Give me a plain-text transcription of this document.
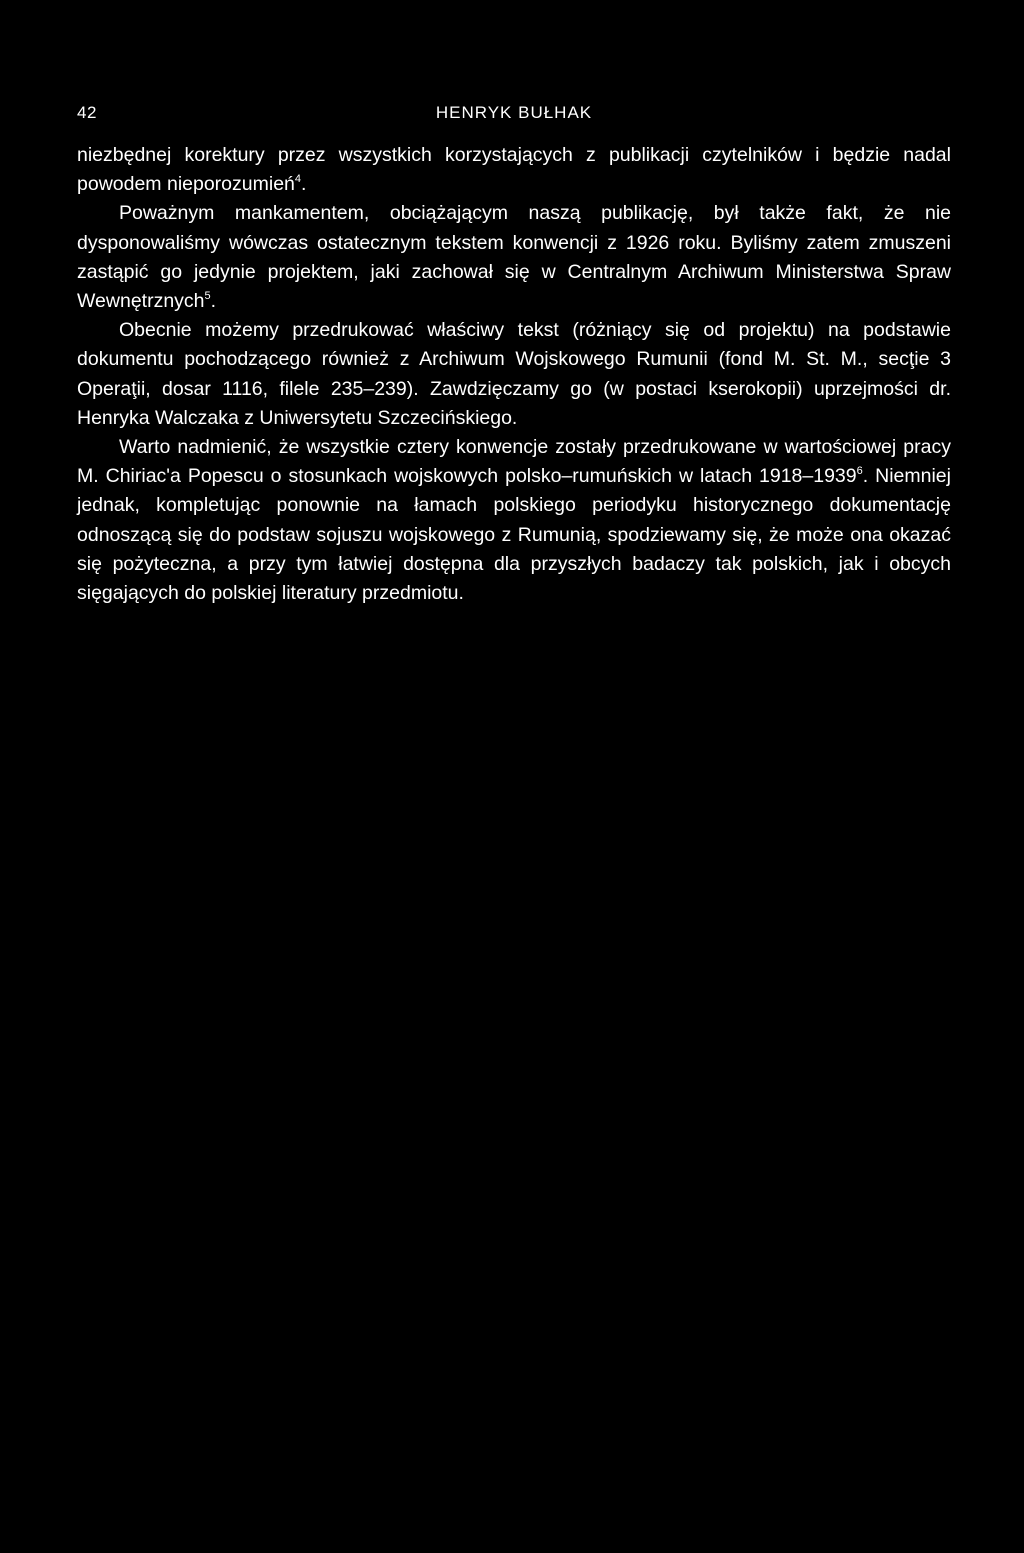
42	HENRYK BUŁHAK

niezbędnej korektury przez wszystkich korzystających z publikacji czytelników i będzie nadal powodem nieporozumień$^4$.

Poważnym mankamentem, obciążającym naszą publikację, był także fakt, że nie dysponowaliśmy wówczas ostatecznym tekstem konwencji z 1926 roku. Byliśmy zatem zmuszeni zastąpić go jedynie projektem, jaki zachował się w Centralnym Archiwum Ministerstwa Spraw Wewnętrznych$^5$.

Obecnie możemy przedrukować właściwy tekst (różniący się od projektu) na podstawie dokumentu pochodzącego również z Archiwum Wojskowego Rumunii (fond M. St. M., secţie 3 Operaţii, dosar 1116, filele 235–239). Zawdzięczamy go (w postaci kserokopii) uprzejmości dr. Henryka Walczaka z Uniwersytetu Szczecińskiego.

Warto nadmienić, że wszystkie cztery konwencje zostały przedrukowane w wartościowej pracy M. Chiriac'a Popescu o stosunkach wojskowych polsko–rumuńskich w latach 1918–1939$^6$. Niemniej jednak, kompletując ponownie na łamach polskiego periodyku historycznego dokumentację odnoszącą się do podstaw sojuszu wojskowego z Rumunią, spodziewamy się, że może ona okazać się pożyteczna, a przy tym łatwiej dostępna dla przyszłych badaczy tak polskich, jak i obcych sięgających do polskiej literatury przedmiotu.
